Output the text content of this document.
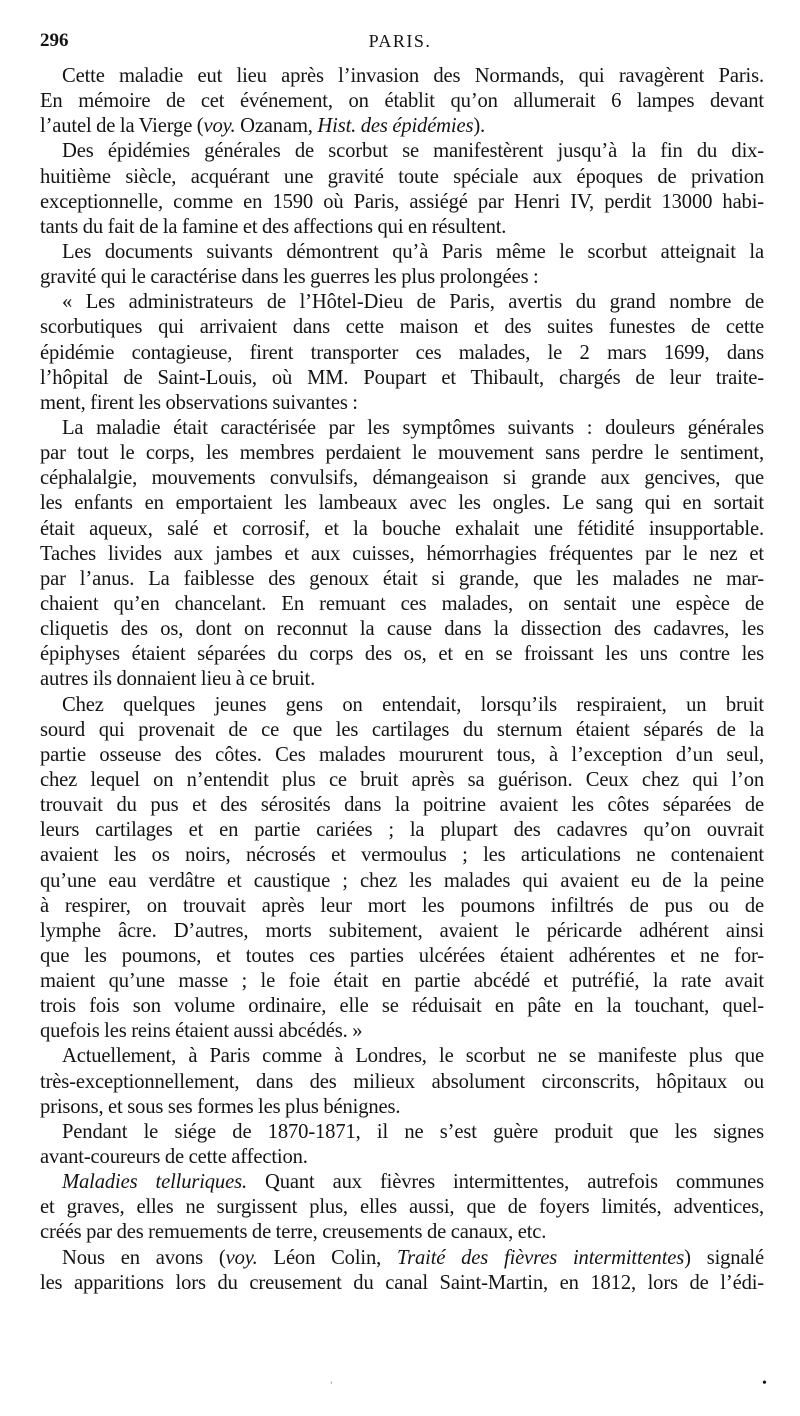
296	PARIS.
Cette maladie eut lieu après l’invasion des Normands, qui ravagèrent Paris.
En mémoire de cet événement, on établit qu’on allumerait 6 lampes devant
l’autel de la Vierge (voy. Ozanam, Hist. des épidémies).
Des épidémies générales de scorbut se manifestèrent jusqu’à la fin du dix-
huitième siècle, acquérant une gravité toute spéciale aux époques de privation
exceptionnelle, comme en 1590 où Paris, assiégé par Henri IV, perdit 13000 habi-
tants du fait de la famine et des affections qui en résultent.
Les documents suivants démontrent qu’à Paris même le scorbut atteignait la
gravité qui le caractérise dans les guerres les plus prolongées :
« Les administrateurs de l’Hôtel-Dieu de Paris, avertis du grand nombre de
scorbutiques qui arrivaient dans cette maison et des suites funestes de cette
épidémie contagieuse, firent transporter ces malades, le 2 mars 1699, dans
l’hôpital de Saint-Louis, où MM. Poupart et Thibault, chargés de leur traite-
ment, firent les observations suivantes :
La maladie était caractérisée par les symptômes suivants : douleurs générales
par tout le corps, les membres perdaient le mouvement sans perdre le sentiment,
céphalalgie, mouvements convulsifs, démangeaison si grande aux gencives, que
les enfants en emportaient les lambeaux avec les ongles. Le sang qui en sortait
était aqueux, salé et corrosif, et la bouche exhalait une fétidité insupportable.
Taches livides aux jambes et aux cuisses, hémorrhagies fréquentes par le nez et
par l’anus. La faiblesse des genoux était si grande, que les malades ne mar-
chaient qu’en chancelant. En remuant ces malades, on sentait une espèce de
cliquetis des os, dont on reconnut la cause dans la dissection des cadavres, les
épiphyses étaient séparées du corps des os, et en se froissant les uns contre les
autres ils donnaient lieu à ce bruit.
Chez quelques jeunes gens on entendait, lorsqu’ils respiraient, un bruit
sourd qui provenait de ce que les cartilages du sternum étaient séparés de la
partie osseuse des côtes. Ces malades moururent tous, à l’exception d’un seul,
chez lequel on n’entendit plus ce bruit après sa guérison. Ceux chez qui l’on
trouvait du pus et des sérosités dans la poitrine avaient les côtes séparées de
leurs cartilages et en partie cariées ; la plupart des cadavres qu’on ouvrait
avaient les os noirs, nécrosés et vermoulus ; les articulations ne contenaient
qu’une eau verdâtre et caustique ; chez les malades qui avaient eu de la peine
à respirer, on trouvait après leur mort les poumons infiltrés de pus ou de
lymphe âcre. D’autres, morts subitement, avaient le péricarde adhérent ainsi
que les poumons, et toutes ces parties ulcérées étaient adhérentes et ne for-
maient qu’une masse ; le foie était en partie abcédé et putréfié, la rate avait
trois fois son volume ordinaire, elle se réduisait en pâte en la touchant, quel-
quefois les reins étaient aussi abcédés. »
Actuellement, à Paris comme à Londres, le scorbut ne se manifeste plus que
très-exceptionnellement, dans des milieux absolument circonscrits, hôpitaux ou
prisons, et sous ses formes les plus bénignes.
Pendant le siége de 1870-1871, il ne s’est guère produit que les signes
avant-coureurs de cette affection.
Maladies telluriques. Quant aux fièvres intermittentes, autrefois communes
et graves, elles ne surgissent plus, elles aussi, que de foyers limités, adventices,
créés par des remuements de terre, creusements de canaux, etc.
Nous en avons (voy. Léon Colin, Traité des fièvres intermittentes) signalé
les apparitions lors du creusement du canal Saint-Martin, en 1812, lors de l’édi-
‘	•
